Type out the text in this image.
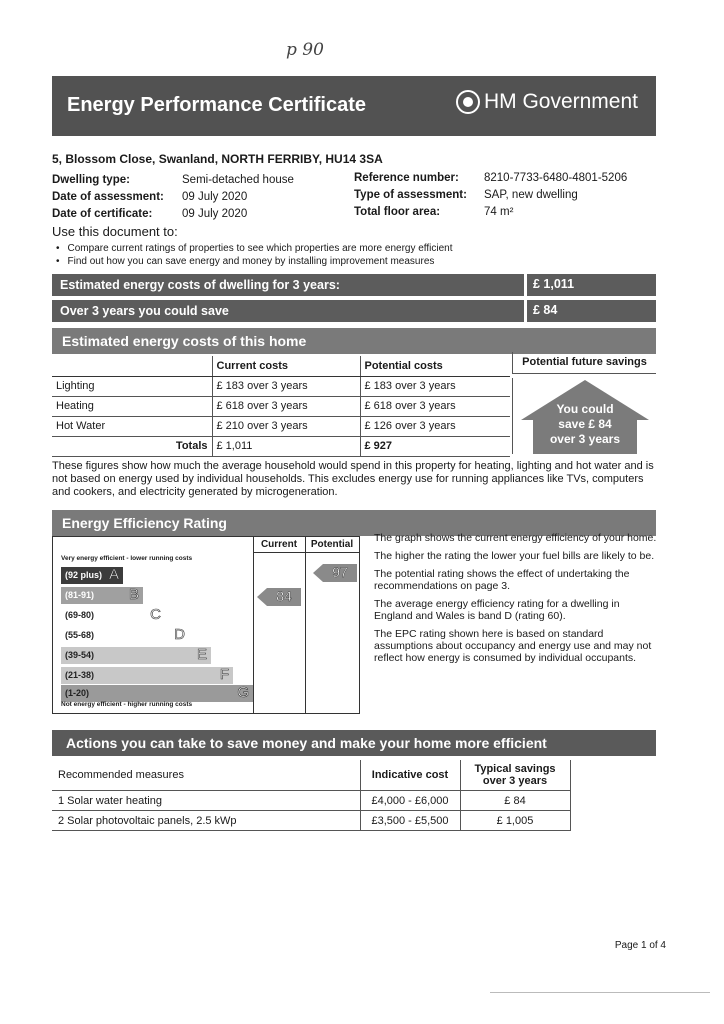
p 90
Energy Performance Certificate	HM Government
5, Blossom Close, Swanland, NORTH FERRIBY, HU14 3SA
Dwelling type:	Semi-detached house
Date of assessment:	09 July 2020
Date of certificate:	09 July 2020
Reference number:	8210-7733-6480-4801-5206
Type of assessment:	SAP, new dwelling
Total floor area:	74 m²
Use this document to:
• Compare current ratings of properties to see which properties are more energy efficient
• Find out how you can save energy and money by installing improvement measures
Estimated energy costs of dwelling for 3 years:	£ 1,011
Over 3 years you could save	£ 84
Estimated energy costs of this home
	Current costs	Potential costs
Lighting	£ 183 over 3 years	£ 183 over 3 years
Heating	£ 618 over 3 years	£ 618 over 3 years
Hot Water	£ 210 over 3 years	£ 126 over 3 years
Totals	£ 1,011	£ 927
Potential future savings
You could
save £ 84
over 3 years
These figures show how much the average household would spend in this property for heating, lighting and hot water and is not based on energy used by individual households. This excludes energy use for running appliances like TVs, computers and cookers, and electricity generated by microgeneration.
Energy Efficiency Rating
Current	Potential
Very energy efficient - lower running costs
(92 plus) A
(81-91) B
(69-80)	C
(55-68)	D
(39-54)	E
(21-38)	F
(1-20)	G
84
97
Not energy efficient - higher running costs

The graph shows the current energy efficiency of your home.

The higher the rating the lower your fuel bills are likely to be.

The potential rating shows the effect of undertaking the recommendations on page 3.

The average energy efficiency rating for a dwelling in England and Wales is band D (rating 60).

The EPC rating shown here is based on standard assumptions about occupancy and energy use and may not reflect how energy is consumed by individual occupants.

Actions you can take to save money and make your home more efficient
Recommended measures	Indicative cost	Typical savings over 3 years
1 Solar water heating	£4,000 - £6,000	£ 84
2 Solar photovoltaic panels, 2.5 kWp	£3,500 - £5,500	£ 1,005
Page 1 of 4
